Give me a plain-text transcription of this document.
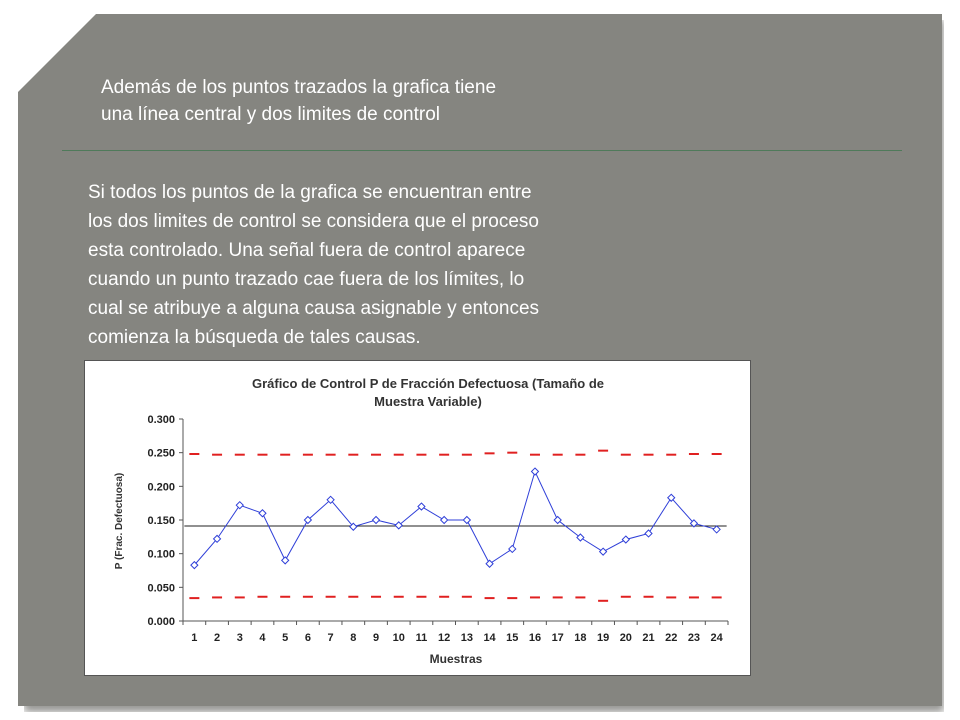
Además de los puntos trazados la grafica tiene
una línea central y dos limites de control

Si todos los puntos de la grafica se encuentran entre
los dos limites de control se considera que el proceso
esta controlado. Una señal fuera de control aparece
cuando un punto trazado cae fuera de los límites, lo
cual se atribuye a alguna causa asignable y entonces
comienza la búsqueda de tales causas.

Gráfico de Control P de Fracción Defectuosa (Tamaño de
Muestra Variable)
P (Frac. Defectuosa)
Muestras
0.000
0.050
0.100
0.150
0.200
0.250
0.300
1 2 3 4 5 6 7 8 9 10 11 12 13 14 15 16 17 18 19 20 21 22 23 24
